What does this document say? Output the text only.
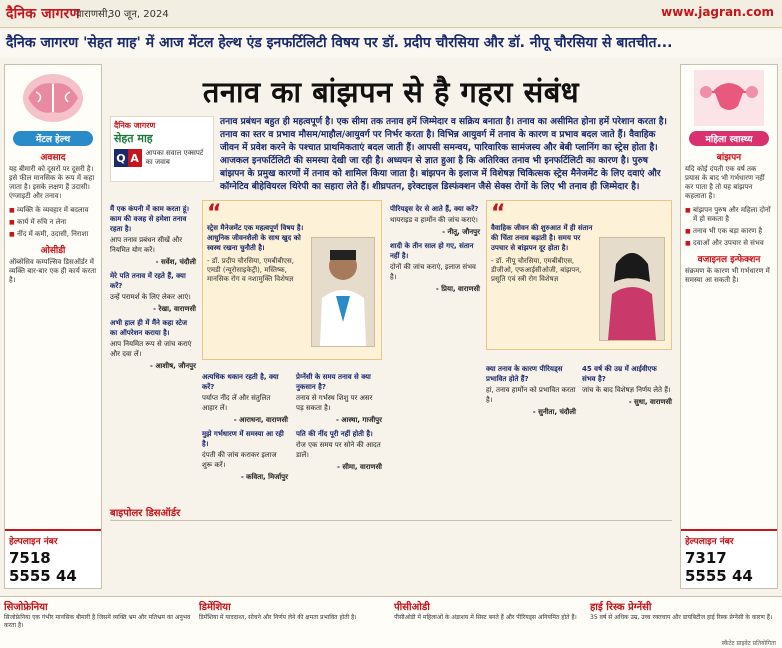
दैनिक जागरण
वाराणसी,
30 जून, 2024	www.jagran.com
दैनिक जागरण 'सेहत माह' में आज मेंटल हेल्थ एंड इनफर्टिलिटी विषय पर डॉ. प्रदीप चौरसिया और डॉ. नीपू चौरसिया से बातचीत...
मेंटल हेल्थ
अवसाद
यह बीमारी को दूसरों पर दूसरी है। इसे फील मानसिक के रूप में कहा जाता है। इसके लक्षण हैं उदासी। एंग्जाइटी और तनाव।
■ व्यक्ति के व्यवहार में बदलाव
■ कार्य में रुचि न लेना
■ नींद में कमी, उदासी, निराशा
ओसीडी
ऑब्सेसिव कम्पल्सिव डिसऑर्डर में व्यक्ति बार-बार एक ही कार्य करता है।
हेल्पलाइन नंबर
7518 5555 44
महिला स्वास्थ्य
बांझपन
यदि कोई दंपती एक वर्ष तक प्रयास के बाद भी गर्भधारण नहीं कर पाता है तो यह बांझपन कहलाता है।
■ बांझपन पुरुष और महिला दोनों में हो सकता है
■ तनाव भी एक बड़ा कारण है
■ दवाओं और उपचार से संभव
वजाइनल इन्फेक्शन
संक्रमण के कारण भी गर्भधारण में समस्या आ सकती है।
हेल्पलाइन नंबर
7317 5555 44
तनाव का बांझपन से है गहरा संबंध
दैनिक जागरण
सेहत माह
Q A आपका सवाल एक्सपर्ट का जवाब
तनाव प्रबंधन बहुत ही महत्वपूर्ण है। एक सीमा तक तनाव हमें जिम्मेदार व सक्रिय बनाता है। तनाव का असीमित होना हमें परेशान करता है। तनाव का स्तर व प्रभाव मौसम/माहौल/आयुवर्ग पर निर्भर करता है। विभिन्न आयुवर्ग में तनाव के कारण व प्रभाव बदल जाते हैं। वैवाहिक जीवन में प्रवेश करने के पश्चात प्राथमिकताएं बदल जाती हैं। आपसी समन्वय, पारिवारिक सामंजस्य और बेबी प्लानिंग का स्ट्रेस होता है। आजकल इनफर्टिलिटी की समस्या देखी जा रही है। अध्ययन से ज्ञात हुआ है कि अतिरिक्त तनाव भी इनफर्टिलिटी का कारण है। पुरुष बांझपन के प्रमुख कारणों में तनाव को शामिल किया जाता है। बांझपन के इलाज में विशेषज्ञ चिकित्सक स्ट्रेस मैनेजमेंट के लिए दवाएं और कॉग्नेटिव बीहेवियरल थिरेपी का सहारा लेते हैं। शीघ्रपतन, इरेक्टाइल डिस्फंक्शन जैसे सेक्स रोगों के लिए भी तनाव ही जिम्मेदार है।
मैं एक कंपनी में काम करता हूं। काम की वजह से हमेशा तनाव रहता है।
आप तनाव प्रबंधन सीखें और नियमित योग करें।
- सर्वेश, चंदौली
मेरे पति तनाव में रहते हैं, क्या करें?
उन्हें परामर्श के लिए लेकर आएं।
- रेखा, वाराणसी
अभी हाल ही में मैंने कहा स्टेज का ऑपरेशन कराया है।
आप नियमित रूप से जांच कराएं और दवा लें।
- आशीष, जौनपुर
“
स्ट्रेस मैनेजमेंट एक महत्वपूर्ण विषय है। आधुनिक जीवनशैली के साथ खुद को स्वस्थ रखना चुनौती है।
- डॉ. प्रदीप चौरसिया, एमबीबीएस, एमडी (न्यूरोसाइकेट्री), मस्तिष्क, मानसिक रोग व नशामुक्ति विशेषज्ञ
अत्यधिक थकान रहती है, क्या करें?
पर्याप्त नींद लें और संतुलित आहार लें।
- आराधना, वाराणसी
मुझे गर्भधारण में समस्या आ रही है।
दंपती की जांच कराकर इलाज शुरू करें।
- कविता, मिर्जापुर
प्रेग्नेंसी के समय तनाव से क्या नुकसान है?
तनाव से गर्भस्थ शिशु पर असर पड़ सकता है।
- आस्था, गाजीपुर
पति की नींद पूरी नहीं होती है।
रोज एक समय पर सोने की आदत डालें।
- सीमा, वाराणसी
पीरियड्स देर से आते हैं, क्या करें?
थायराइड व हार्मोन की जांच कराएं।
- नीतू, जौनपुर
शादी के तीन साल हो गए, संतान नहीं है।
दोनों की जांच कराएं, इलाज संभव है।
- प्रिया, वाराणसी
“
वैवाहिक जीवन की शुरुआत में ही संतान की चिंता तनाव बढ़ाती है। समय पर उपचार से बांझपन दूर होता है।
- डॉ. नीपू चौरसिया, एमबीबीएस, डीजीओ, एफआईसीओजी, बांझपन, प्रसूति एवं स्त्री रोग विशेषज्ञ
क्या तनाव के कारण पीरियड्स प्रभावित होते हैं?
हां, तनाव हार्मोन को प्रभावित करता है।
- सुनीता, चंदौली
45 वर्ष की उम्र में आईवीएफ संभव है?
जांच के बाद विशेषज्ञ निर्णय लेते हैं।
- सुधा, वाराणसी
बाइपोलर डिसऑर्डर
सिजोफ्रेनिया
सिजोफ्रेनिया एक गंभीर मानसिक बीमारी है जिसमें व्यक्ति भ्रम और मतिभ्रम का अनुभव करता है।
डिमेंशिया
डिमेंशिया में याददाश्त, सोचने और निर्णय लेने की क्षमता प्रभावित होती है।
पीसीओडी
पीसीओडी में महिलाओं के अंडाशय में सिस्ट बनते हैं और पीरियड्स अनियमित होते हैं।
हाई रिस्क प्रेग्नेंसी
35 वर्ष से अधिक उम्र, उच्च रक्तचाप और डायबिटीज हाई रिस्क प्रेग्नेंसी के कारण हैं।
स्कैटेट प्राइवेट प्रतियोगिता
